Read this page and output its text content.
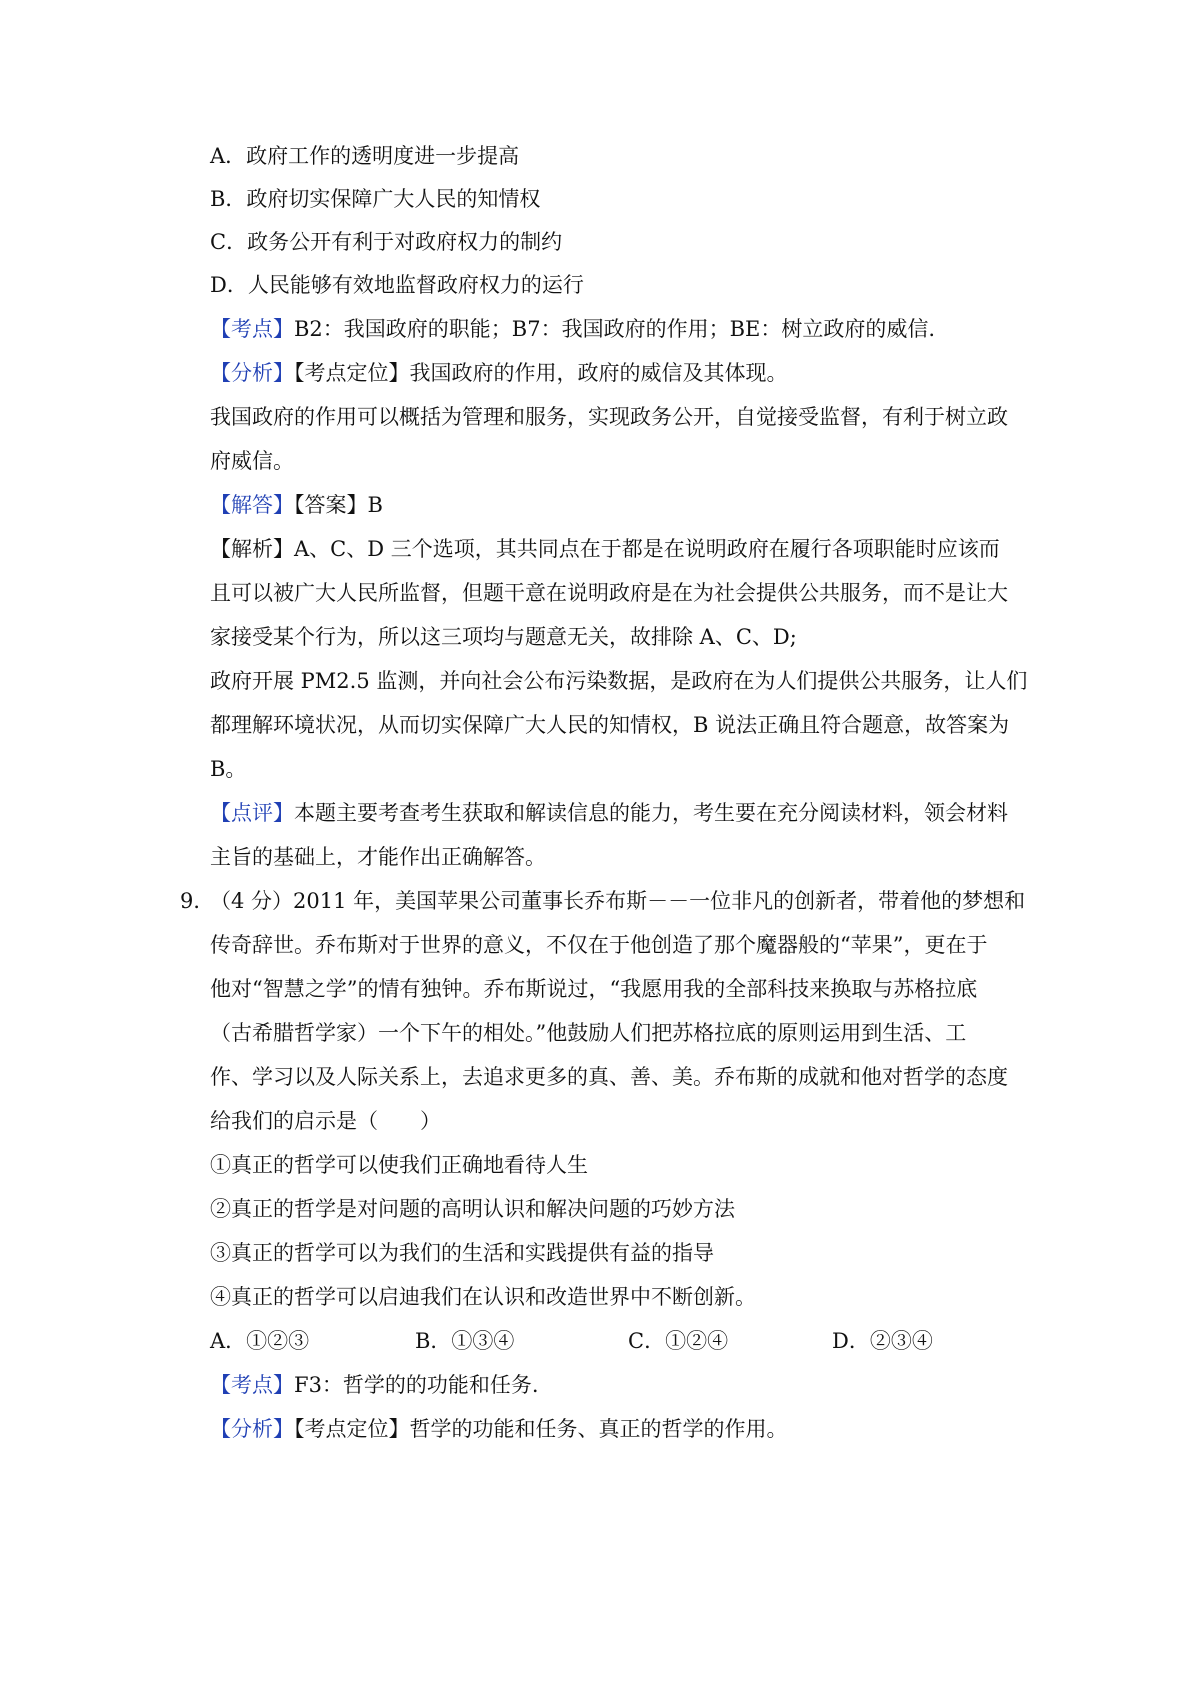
A．政府工作的透明度进一步提高
B．政府切实保障广大人民的知情权
C．政务公开有利于对政府权力的制约
D．人民能够有效地监督政府权力的运行
【考点】B2：我国政府的职能；B7：我国政府的作用；BE：树立政府的威信.
【分析】【考点定位】我国政府的作用，政府的威信及其体现。
我国政府的作用可以概括为管理和服务，实现政务公开，自觉接受监督，有利于树立政
府威信。
【解答】【答案】B
【解析】A、C、D 三个选项，其共同点在于都是在说明政府在履行各项职能时应该而
且可以被广大人民所监督，但题干意在说明政府是在为社会提供公共服务，而不是让大
家接受某个行为，所以这三项均与题意无关，故排除 A、C、D;
政府开展 PM2.5 监测，并向社会公布污染数据，是政府在为人们提供公共服务，让人们
都理解环境状况，从而切实保障广大人民的知情权，B 说法正确且符合题意，故答案为
B。
【点评】本题主要考查考生获取和解读信息的能力，考生要在充分阅读材料，领会材料
主旨的基础上，才能作出正确解答。
9．
（4 分）2011 年，美国苹果公司董事长乔布斯－－一位非凡的创新者，带着他的梦想和
传奇辞世。乔布斯对于世界的意义，不仅在于他创造了那个魔器般的“苹果”，更在于
他对“智慧之学”的情有独钟。乔布斯说过，“我愿用我的全部科技来换取与苏格拉底
（古希腊哲学家）一个下午的相处。”他鼓励人们把苏格拉底的原则运用到生活、工
作、学习以及人际关系上，去追求更多的真、善、美。乔布斯的成就和他对哲学的态度
给我们的启示是（　　）
①真正的哲学可以使我们正确地看待人生
②真正的哲学是对问题的高明认识和解决问题的巧妙方法
③真正的哲学可以为我们的生活和实践提供有益的指导
④真正的哲学可以启迪我们在认识和改造世界中不断创新。
A．①②③	B．①③④	C．①②④	D．②③④
【考点】F3：哲学的的功能和任务.
【分析】【考点定位】哲学的功能和任务、真正的哲学的作用。
